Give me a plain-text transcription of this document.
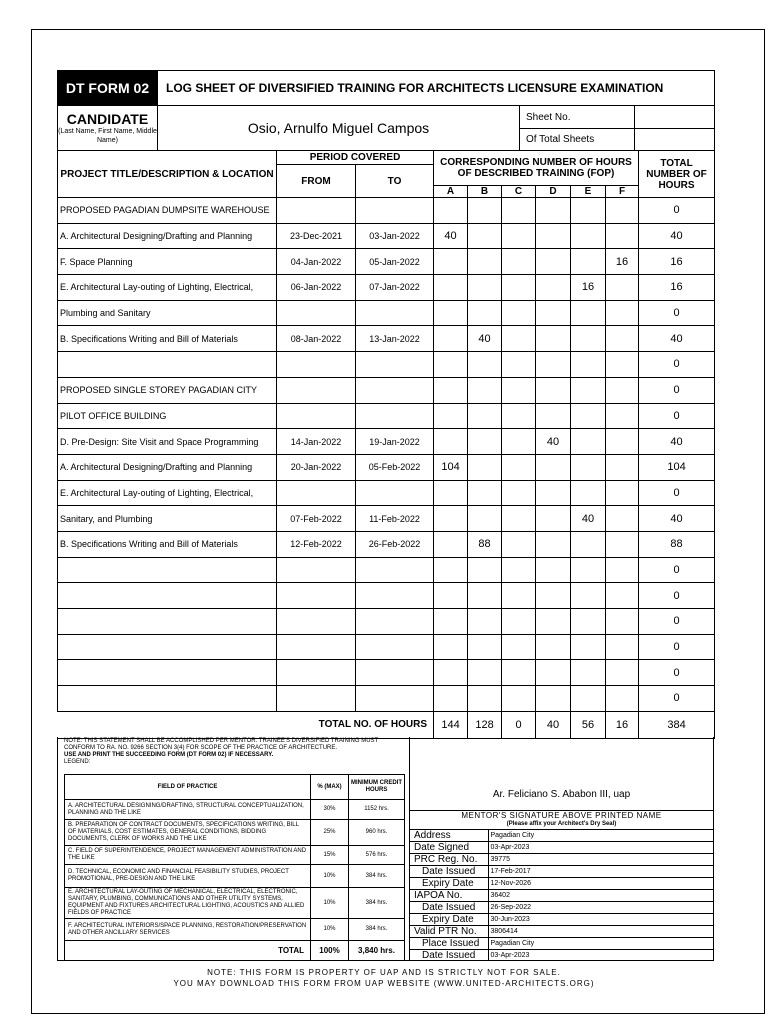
DT FORM 02	LOG SHEET OF DIVERSIFIED TRAINING FOR ARCHITECTS LICENSURE EXAMINATION		

CANDIDATE
(Last Name, First Name, Middle Name)	Osio, Arnulfo Miguel Campos	Sheet No.	
		Of Total Sheets	
PROJECT TITLE/DESCRIPTION & LOCATION	PERIOD COVERED		CORRESPONDING NUMBER OF HOURS OF DESCRIBED TRAINING (FOP)						TOTAL NUMBER OF HOURS
	FROM	TO							
			A	B	C	D	E	F	
PROPOSED PAGADIAN DUMPSITE WAREHOUSE									0
A. Architectural Designing/Drafting and Planning	23-Dec-2021	03-Jan-2022	40						40
F. Space Planning	04-Jan-2022	05-Jan-2022						16	16
E. Architectural Lay-outing of Lighting, Electrical,	06-Jan-2022	07-Jan-2022					16		16
Plumbing and Sanitary									0
B. Specifications Writing and Bill of Materials	08-Jan-2022	13-Jan-2022		40					40
									0
PROPOSED SINGLE STOREY PAGADIAN CITY									0
PILOT OFFICE BUILDING									0
D. Pre-Design: Site Visit and Space Programming	14-Jan-2022	19-Jan-2022				40			40
A. Architectural Designing/Drafting and Planning	20-Jan-2022	05-Feb-2022	104						104
E. Architectural Lay-outing of Lighting, Electrical,									0
Sanitary, and Plumbing	07-Feb-2022	11-Feb-2022					40		40
B. Specifications Writing and Bill of Materials	12-Feb-2022	26-Feb-2022		88					88
									0
									0
									0
									0
									0
									0
TOTAL NO. OF HOURS			144	128	0	40	56	16	384
NOTE: THIS STATEMENT SHALL BE ACCOMPLISHED PER MENTOR. TRAINEE'S DIVERSIFIED TRAINING MUST CONFORM TO RA. NO. 9266 SECTION 3(4) FOR SCOPE OF THE PRACTICE OF ARCHITECTURE.
USE AND PRINT THE SUCCEEDING FORM (DT FORM 02) IF NECESSARY.
LEGEND:
FIELD OF PRACTICE	% (MAX)	MINIMUM CREDIT HOURS
A. ARCHITECTURAL DESIGNING/DRAFTING, STRUCTURAL CONCEPTUALIZATION, PLANNING AND THE LIKE	30%	1152 hrs.
B. PREPARATION OF CONTRACT DOCUMENTS, SPECIFICATIONS WRITING, BILL OF MATERIALS, COST ESTIMATES, GENERAL CONDITIONS, BIDDING DOCUMENTS, CLERK OF WORKS AND THE LIKE	25%	960 hrs.
C. FIELD OF SUPERINTENDENCE, PROJECT MANAGEMENT ADMINISTRATION AND THE LIKE	15%	576 hrs.
D. TECHNICAL, ECONOMIC AND FINANCIAL FEASIBILITY STUDIES, PROJECT PROMOTIONAL, PRE-DESIGN AND THE LIKE	10%	384 hrs.
E. ARCHITECTURAL LAY-OUTING OF MECHANICAL, ELECTRICAL, ELECTRONIC, SANITARY, PLUMBING, COMMUNICATIONS AND OTHER UTILITY SYSTEMS, EQUIPMENT AND FIXTURES ARCHITECTURAL LIGHTING, ACOUSTICS AND ALLIED FIELDS OF PRACTICE	10%	384 hrs.
F. ARCHITECTURAL INTERIORS/SPACE PLANNING, RESTORATION/PRESERVATION AND OTHER ANCILLARY SERVICES	10%	384 hrs.
TOTAL	100%	3,840 hrs.
Ar. Feliciano S. Ababon III, uap
MENTOR'S SIGNATURE ABOVE PRINTED NAME
(Please affix your Architect's Dry Seal)
Address	Pagadian City
Date Signed	03-Apr-2023
PRC Reg. No.	39775
Date Issued	17-Feb-2017
Expiry Date	12-Nov-2026
IAPOA No.	36402
Date Issued	26-Sep-2022
Expiry Date	30-Jun-2023
Valid PTR No.	3806414
Place Issued	Pagadian City
Date Issued	03-Apr-2023
NOTE: THIS FORM IS PROPERTY OF UAP AND IS STRICTLY NOT FOR SALE.
YOU MAY DOWNLOAD THIS FORM FROM UAP WEBSITE (WWW.UNITED-ARCHITECTS.ORG)
